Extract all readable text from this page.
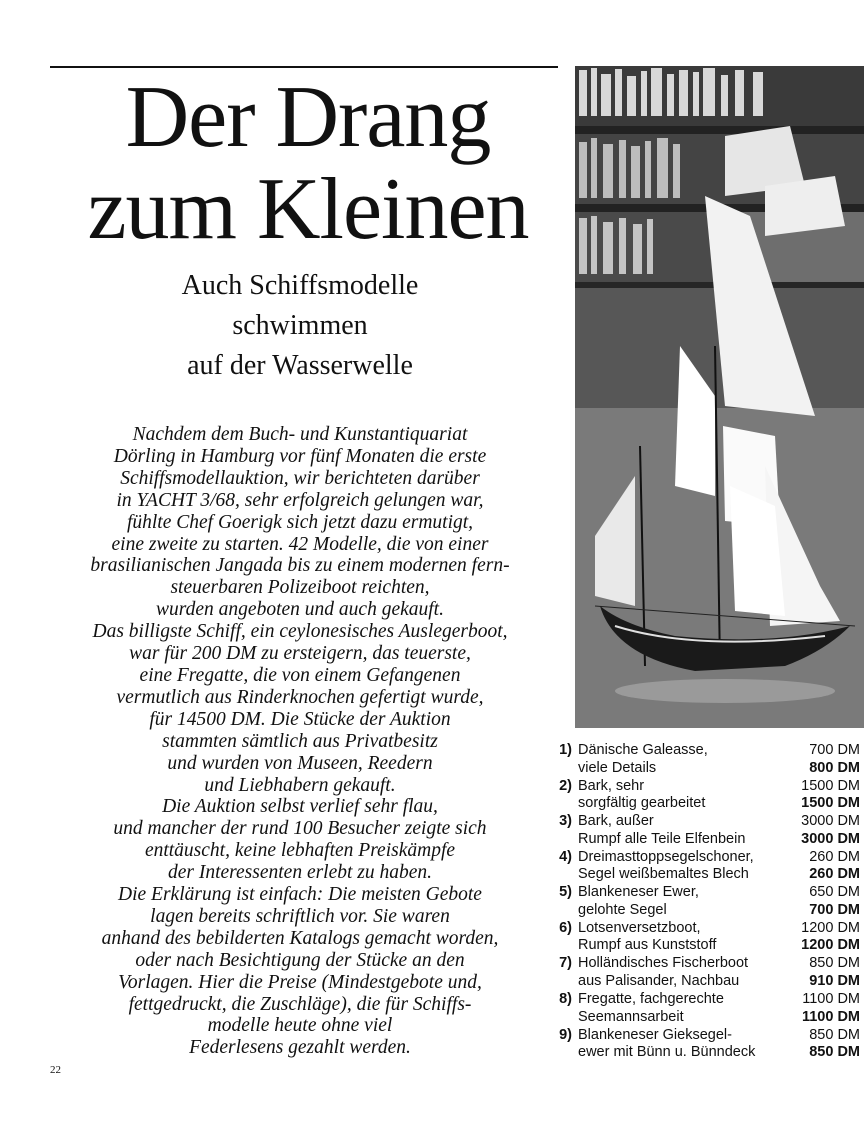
Der Drang
zum Kleinen
Auch Schiffsmodelle
schwimmen
auf der Wasserwelle
Nachdem dem Buch- und Kunstantiquariat
Dörling in Hamburg vor fünf Monaten die erste
Schiffsmodellauktion, wir berichteten darüber
in YACHT 3/68, sehr erfolgreich gelungen war,
fühlte Chef Goerigk sich jetzt dazu ermutigt,
eine zweite zu starten. 42 Modelle, die von einer
brasilianischen Jangada bis zu einem modernen fern-
steuerbaren Polizeiboot reichten,
wurden angeboten und auch gekauft.
Das billigste Schiff, ein ceylonesisches Auslegerboot,
war für 200 DM zu ersteigern, das teuerste,
eine Fregatte, die von einem Gefangenen
vermutlich aus Rinderknochen gefertigt wurde,
für 14500 DM. Die Stücke der Auktion
stammten sämtlich aus Privatbesitz
und wurden von Museen, Reedern
und Liebhabern gekauft.
Die Auktion selbst verlief sehr flau,
und mancher der rund 100 Besucher zeigte sich
enttäuscht, keine lebhaften Preiskämpfe
der Interessenten erlebt zu haben.
Die Erklärung ist einfach: Die meisten Gebote
lagen bereits schriftlich vor. Sie waren
anhand des bebilderten Katalogs gemacht worden,
oder nach Besichtigung der Stücke an den
Vorlagen. Hier die Preise (Mindestgebote und,
fettgedruckt, die Zuschläge), die für Schiffs-
modelle heute ohne viel
Federlesens gezahlt werden.
1) Dänische Galeasse,	700 DM
viele Details	800 DM
2) Bark, sehr	1500 DM
sorgfältig gearbeitet	1500 DM
3) Bark, außer	3000 DM
Rumpf alle Teile Elfenbein	3000 DM
4) Dreimasttoppsegelschoner,	260 DM
Segel weißbemaltes Blech	260 DM
5) Blankeneser Ewer,	650 DM
gelohte Segel	700 DM
6) Lotsenversetzboot,	1200 DM
Rumpf aus Kunststoff	1200 DM
7) Holländisches Fischerboot	850 DM
aus Palisander, Nachbau	910 DM
8) Fregatte, fachgerechte	1100 DM
Seemannsarbeit	1100 DM
9) Blankeneser Gieksegel-	850 DM
ewer mit Bünn u. Bünndeck	850 DM
22
